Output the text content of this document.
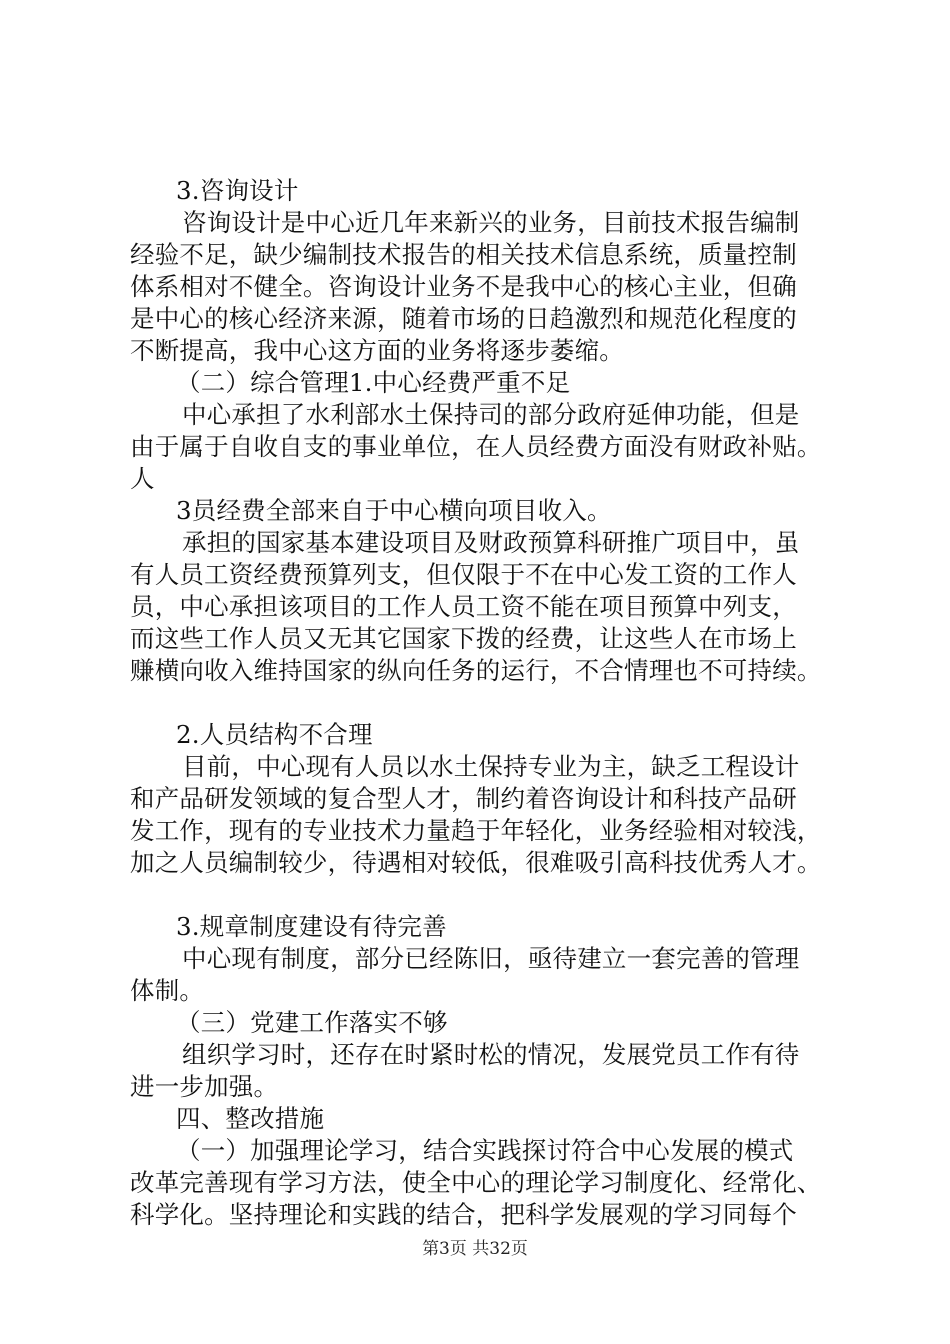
3.咨询设计
咨询设计是中心近几年来新兴的业务，目前技术报告编制
经验不足，缺少编制技术报告的相关技术信息系统，质量控制
体系相对不健全。咨询设计业务不是我中心的核心主业，但确
是中心的核心经济来源，随着市场的日趋激烈和规范化程度的
不断提高，我中心这方面的业务将逐步萎缩。
（二）综合管理1.中心经费严重不足
中心承担了水利部水土保持司的部分政府延伸功能，但是
由于属于自收自支的事业单位，在人员经费方面没有财政补贴。
人
3员经费全部来自于中心横向项目收入。
承担的国家基本建设项目及财政预算科研推广项目中，虽
有人员工资经费预算列支，但仅限于不在中心发工资的工作人
员，中心承担该项目的工作人员工资不能在项目预算中列支，
而这些工作人员又无其它国家下拨的经费，让这些人在市场上
赚横向收入维持国家的纵向任务的运行，不合情理也不可持续。
2.人员结构不合理
目前，中心现有人员以水土保持专业为主，缺乏工程设计
和产品研发领域的复合型人才，制约着咨询设计和科技产品研
发工作，现有的专业技术力量趋于年轻化，业务经验相对较浅，
加之人员编制较少，待遇相对较低，很难吸引高科技优秀人才。
3.规章制度建设有待完善
中心现有制度，部分已经陈旧，亟待建立一套完善的管理
体制。
（三）党建工作落实不够
组织学习时，还存在时紧时松的情况，发展党员工作有待
进一步加强。
四、整改措施
（一）加强理论学习，结合实践探讨符合中心发展的模式
改革完善现有学习方法，使全中心的理论学习制度化、经常化、
科学化。坚持理论和实践的结合，把科学发展观的学习同每个
第3页 共32页
